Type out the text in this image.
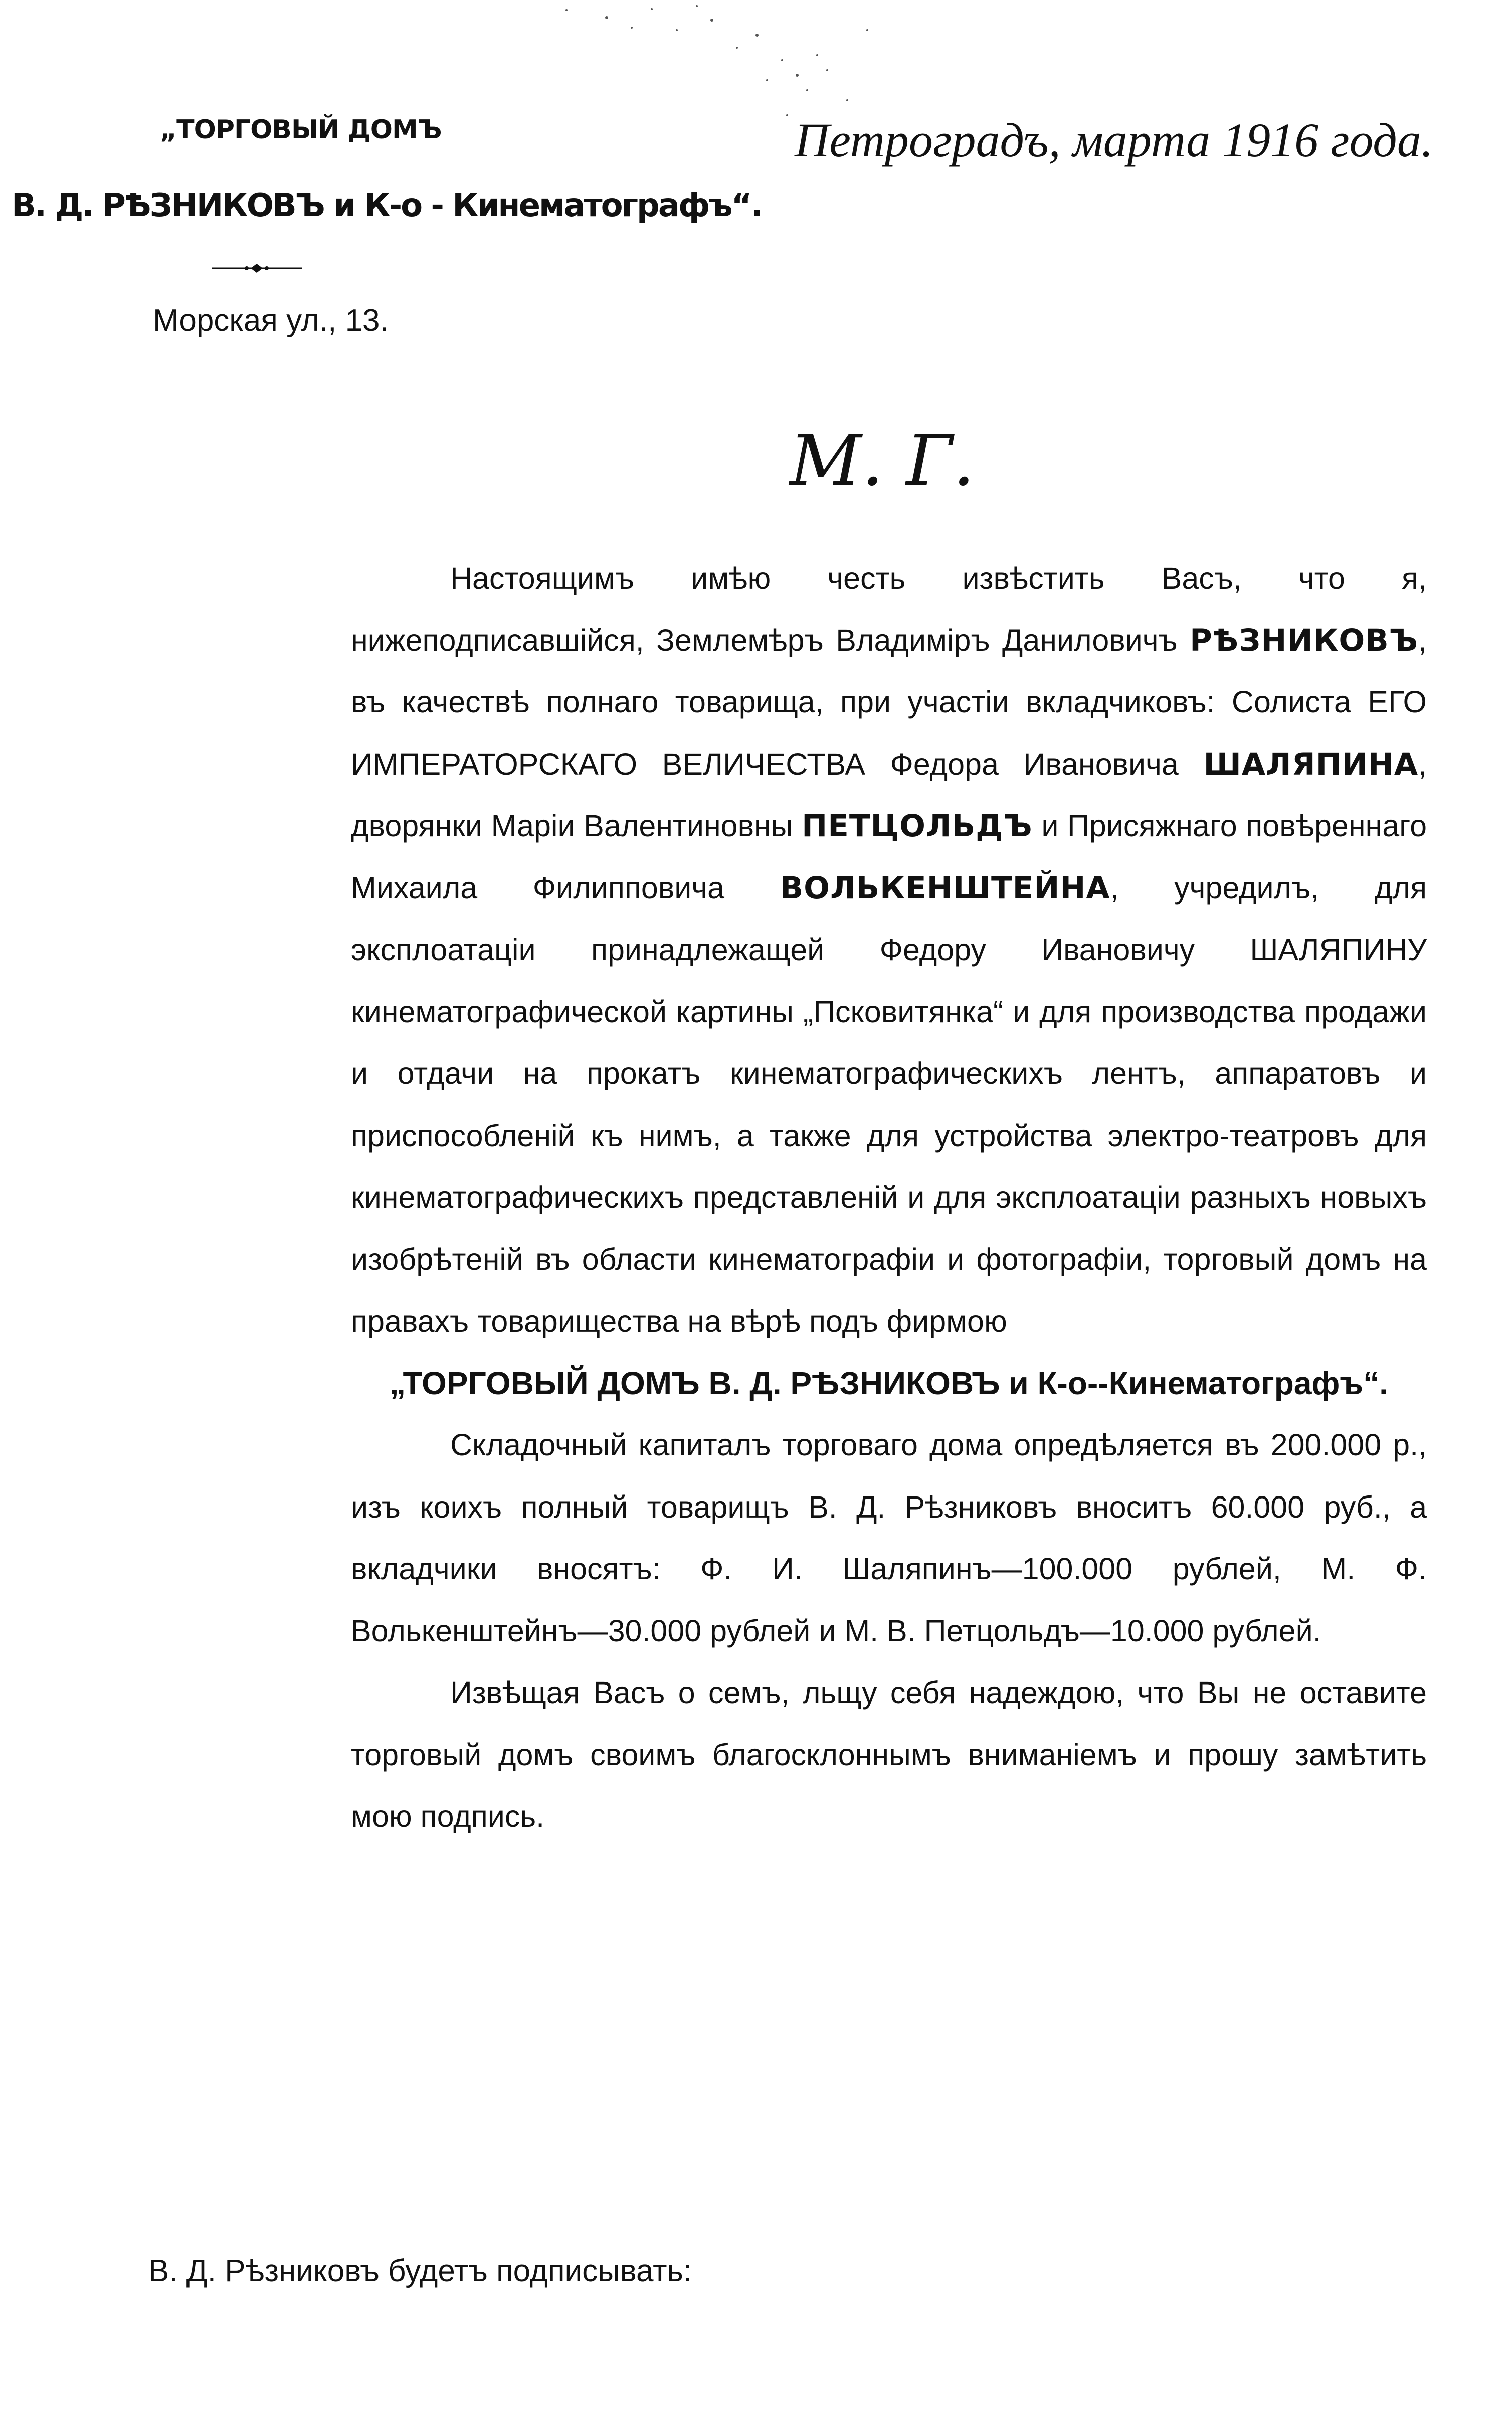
„ТОРГОВЫЙ ДОМЪ
В. Д. РѢЗНИКОВЪ и К-о - Кинематографъ“.
Морская ул., 13.
Петроградъ, марта 1916 года.
М. Г.

Настоящимъ имѣю честь извѣстить Васъ, что я, нижеподписавшійся, Землемѣръ Владиміръ Даниловичъ РѢЗНИКОВЪ, въ качествѣ полнаго товарища, при участіи вкладчиковъ: Солиста ЕГО ИМПЕРАТОРСКАГО ВЕЛИЧЕСТВА Федора Ивановича ШАЛЯПИНА, дворянки Маріи Валентиновны ПЕТЦОЛЬДЪ и Присяжнаго повѣреннаго Михаила Филипповича ВОЛЬКЕНШТЕЙНА, учредилъ, для эксплоатаціи принадлежащей Федору Ивановичу ШАЛЯПИНУ кинематографической картины „Псковитянка“ и для производства продажи и отдачи на прокатъ кинематографическихъ лентъ, аппаратовъ и приспособленій къ нимъ, а также для устройства электро-театровъ для кинематографическихъ представленій и для эксплоатаціи разныхъ новыхъ изобрѣтеній въ области кинематографіи и фотографіи, торговый домъ на правахъ товарищества на вѣрѣ подъ фирмою

„ТОРГОВЫЙ ДОМЪ В. Д. РѢЗНИКОВЪ и К-о--Кинематографъ“.

Складочный капиталъ торговаго дома опредѣляется въ 200.000 р., изъ коихъ полный товарищъ В. Д. Рѣзниковъ вноситъ 60.000 руб., а вкладчики вносятъ: Ф. И. Шаляпинъ—100.000 рублей, М. Ф. Волькенштейнъ—30.000 рублей и М. В. Петцольдъ—10.000 рублей.

Извѣщая Васъ о семъ, льщу себя надеждою, что Вы не оставите торговый домъ своимъ благосклоннымъ вниманіемъ и прошу замѣтить мою подпись.

В. Д. Рѣзниковъ будетъ подписывать:
